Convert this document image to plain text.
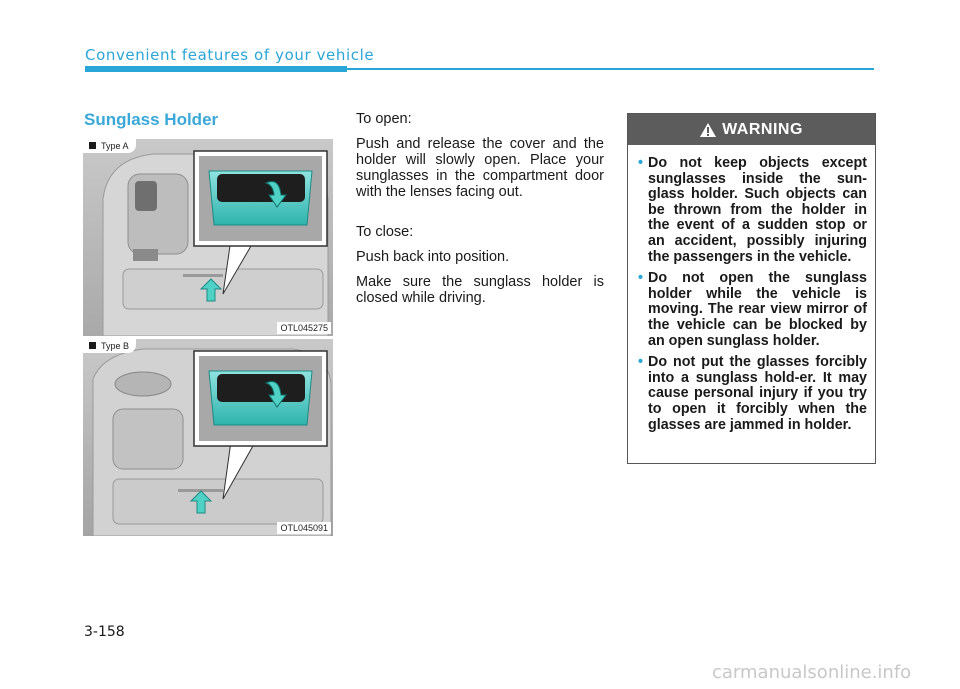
Convenient features of your vehicle
Sunglass Holder
Type A
OTL045275
Type B
OTL045091

To open:

Push and release the cover and the holder will slowly open. Place your sunglasses in the compartment door with the lenses facing out.

To close:

Push back into position.

Make sure the sunglass holder is closed while driving.

WARNING
• Do not keep objects except sunglasses inside the sun-glass holder. Such objects can be thrown from the holder in the event of a sudden stop or an accident, possibly injuring the passengers in the vehicle.
• Do not open the sunglass holder while the vehicle is moving. The rear view mirror of the vehicle can be blocked by an open sunglass holder.
• Do not put the glasses forcibly into a sunglass hold-er. It may cause personal injury if you try to open it forcibly when the glasses are jammed in holder.
3-158
carmanualsonline.info
